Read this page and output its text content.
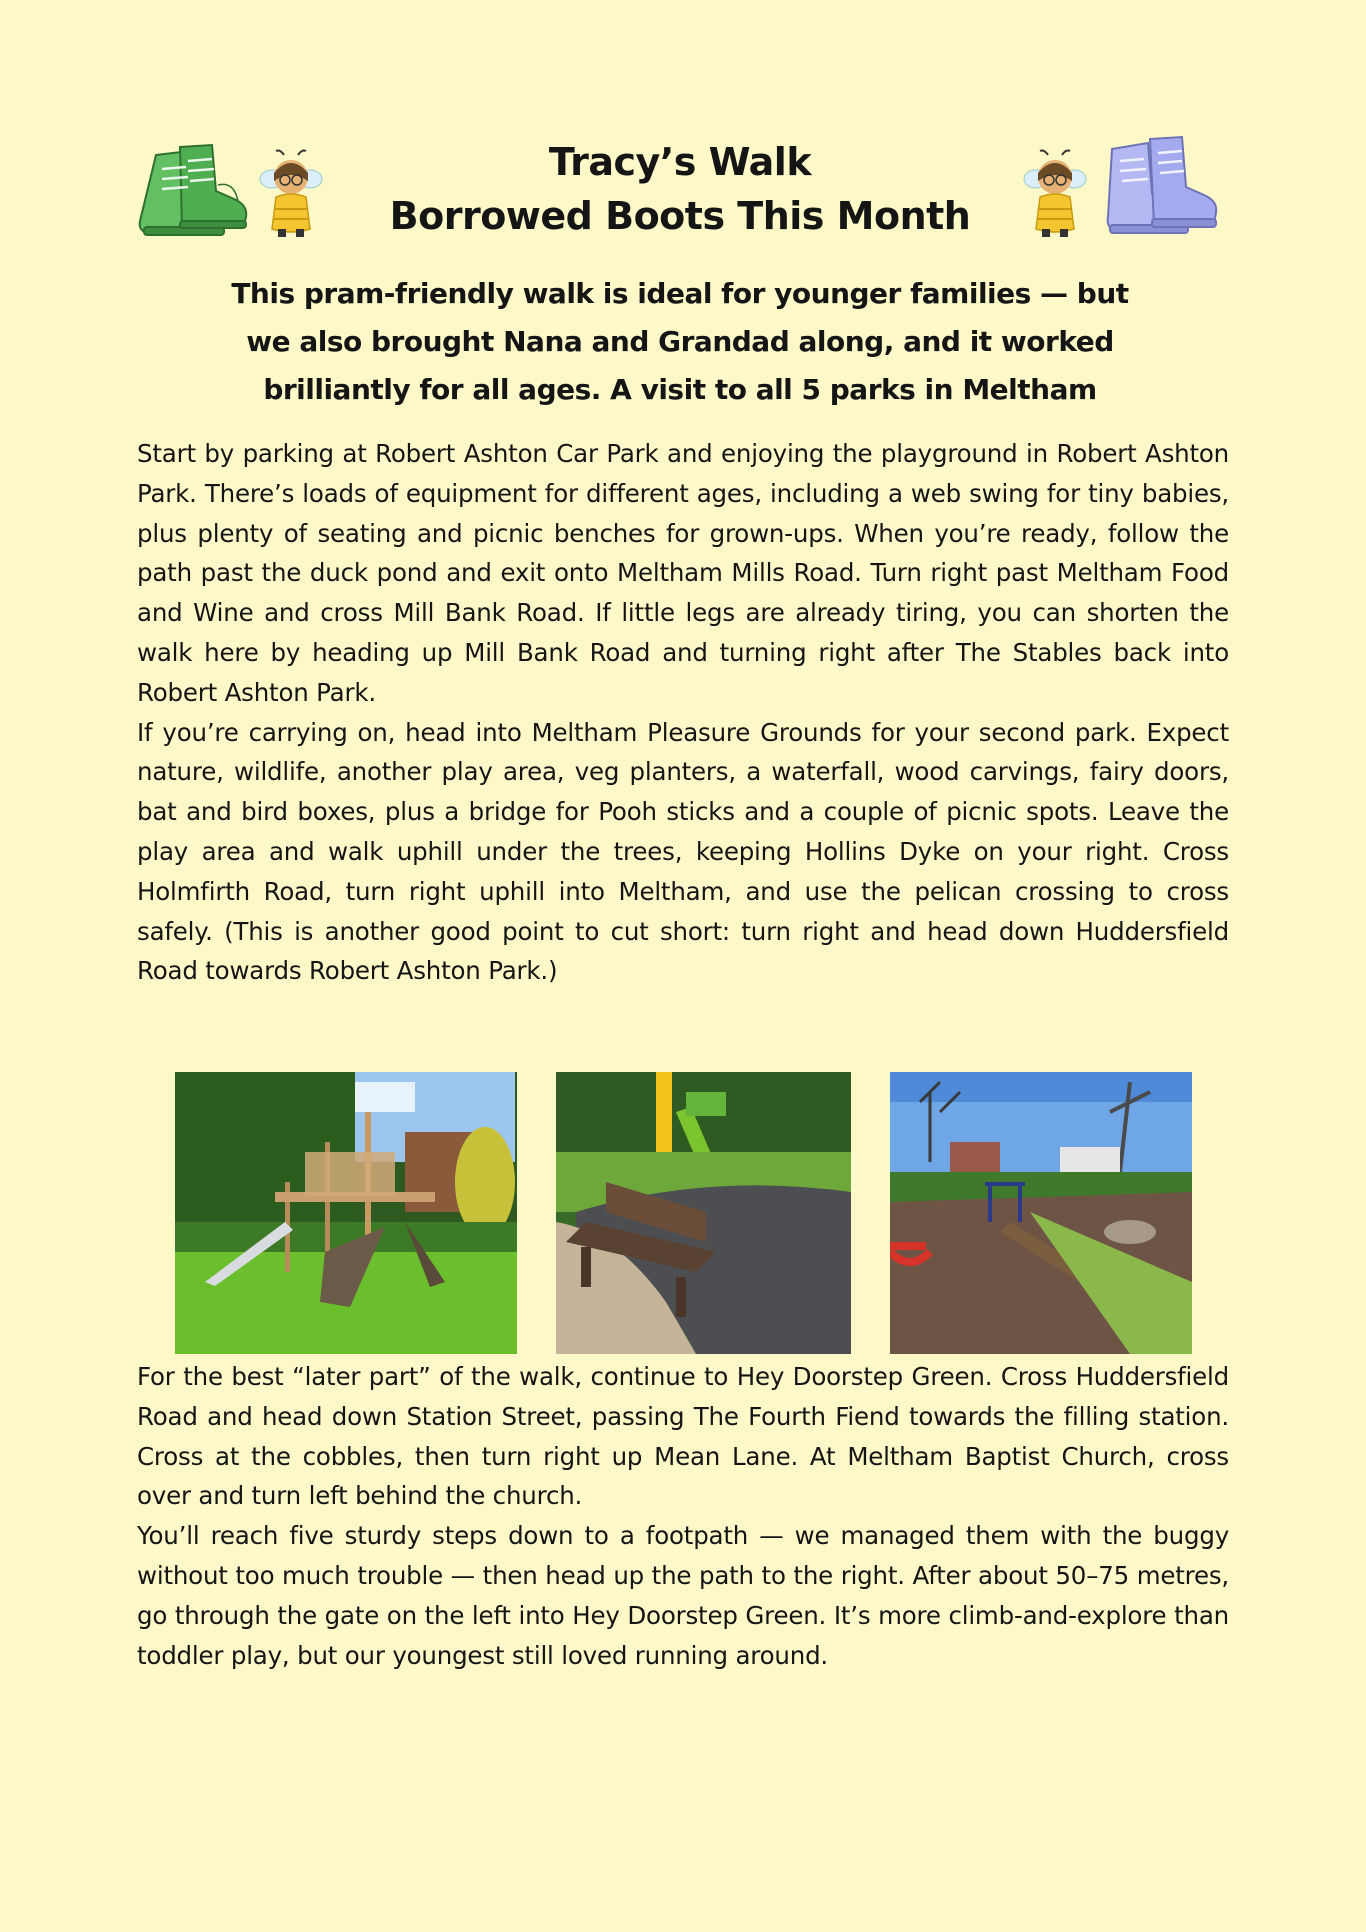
Tracy’s Walk
Borrowed Boots This Month
This pram-friendly walk is ideal for younger families — but
we also brought Nana and Grandad along, and it worked
brilliantly for all ages. A visit to all 5 parks in Meltham

Start by parking at Robert Ashton Car Park and enjoying the playground in Robert Ashton Park. There’s loads of equipment for different ages, including a web swing for tiny babies, plus plenty of seating and picnic benches for grown-ups. When you’re ready, follow the path past the duck pond and exit onto Meltham Mills Road. Turn right past Meltham Food and Wine and cross Mill Bank Road. If little legs are already tiring, you can shorten the walk here by heading up Mill Bank Road and turning right after The Stables back into Robert Ashton Park.

If you’re carrying on, head into Meltham Pleasure Grounds for your second park. Expect nature, wildlife, another play area, veg planters, a waterfall, wood carvings, fairy doors, bat and bird boxes, plus a bridge for Pooh sticks and a couple of picnic spots. Leave the play area and walk uphill under the trees, keeping Hollins Dyke on your right. Cross Holmfirth Road, turn right uphill into Meltham, and use the pelican crossing to cross safely. (This is another good point to cut short: turn right and head down Huddersfield Road towards Robert Ashton Park.)

For the best “later part” of the walk, continue to Hey Doorstep Green. Cross Huddersfield Road and head down Station Street, passing The Fourth Fiend towards the filling station. Cross at the cobbles, then turn right up Mean Lane. At Meltham Baptist Church, cross over and turn left behind the church.

You’ll reach five sturdy steps down to a footpath — we managed them with the buggy without too much trouble — then head up the path to the right. After about 50–75 metres, go through the gate on the left into Hey Doorstep Green. It’s more climb-and-explore than toddler play, but our youngest still loved running around.
